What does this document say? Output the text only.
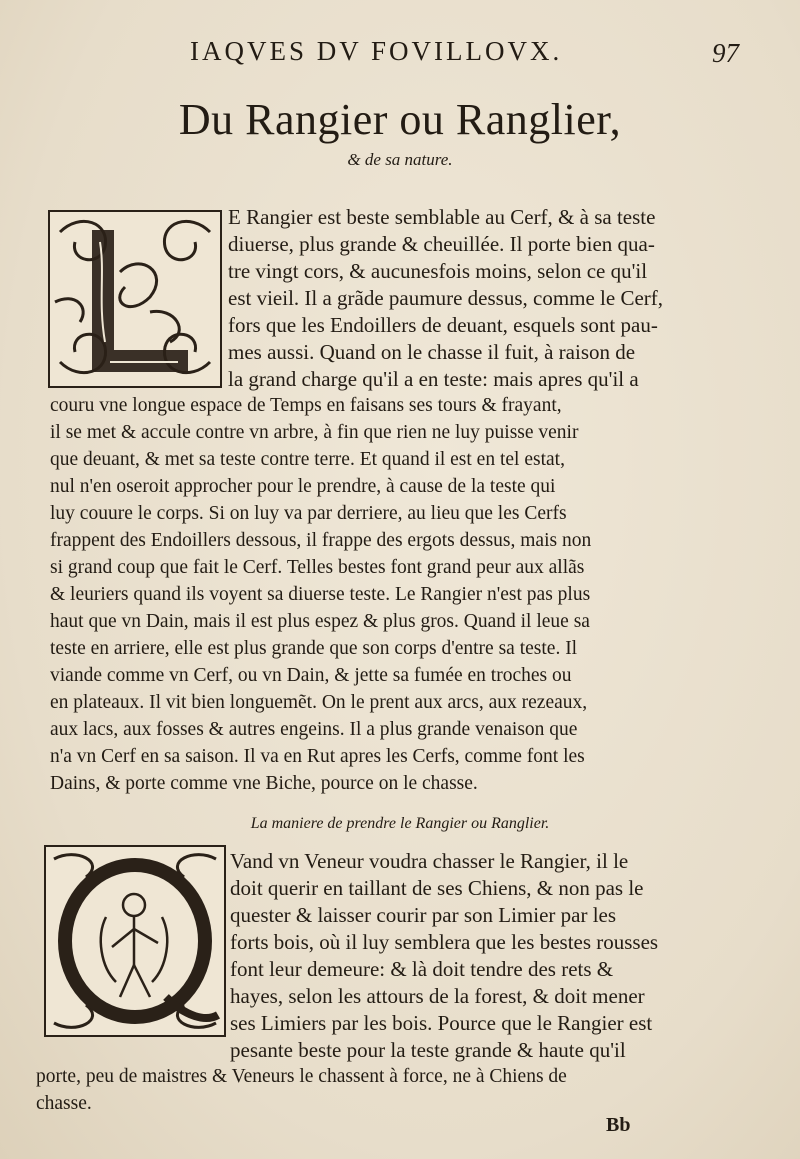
IAQVES DV FOVILLOVX.	97
Du Rangier ou Ranglier,
& de sa nature.
E Rangier est beste semblable au Cerf, & à sa teste
diuerse, plus grande & cheuillée. Il porte bien qua-
tre vingt cors, & aucunesfois moins, selon ce qu'il
est vieil. Il a grãde paumure dessus, comme le Cerf,
fors que les Endoillers de deuant, esquels sont pau-
mes aussi. Quand on le chasse il fuit, à raison de
la grand charge qu'il a en teste: mais apres qu'il a
couru vne longue espace de Temps en faisans ses tours & frayant,
il se met & accule contre vn arbre, à fin que rien ne luy puisse venir
que deuant, & met sa teste contre terre. Et quand il est en tel estat,
nul n'en oseroit approcher pour le prendre, à cause de la teste qui
luy couure le corps. Si on luy va par derriere, au lieu que les Cerfs
frappent des Endoillers dessous, il frappe des ergots dessus, mais non
si grand coup que fait le Cerf. Telles bestes font grand peur aux allãs
& leuriers quand ils voyent sa diuerse teste. Le Rangier n'est pas plus
haut que vn Dain, mais il est plus espez & plus gros. Quand il leue sa
teste en arriere, elle est plus grande que son corps d'entre sa teste. Il
viande comme vn Cerf, ou vn Dain, & jette sa fumée en troches ou
en plateaux. Il vit bien longuemẽt. On le prent aux arcs, aux rezeaux,
aux lacs, aux fosses & autres engeins. Il a plus grande venaison que
n'a vn Cerf en sa saison. Il va en Rut apres les Cerfs, comme font les
Dains, & porte comme vne Biche, pource on le chasse.
La maniere de prendre le Rangier ou Ranglier.
Vand vn Veneur voudra chasser le Rangier, il le
doit querir en taillant de ses Chiens, & non pas le
quester & laisser courir par son Limier par les
forts bois, où il luy semblera que les bestes rousses
font leur demeure: & là doit tendre des rets &
hayes, selon les attours de la forest, & doit mener
ses Limiers par les bois. Pource que le Rangier est
pesante beste pour la teste grande & haute qu'il
porte, peu de maistres & Veneurs le chassent à force, ne à Chiens de
chasse.
Bb
